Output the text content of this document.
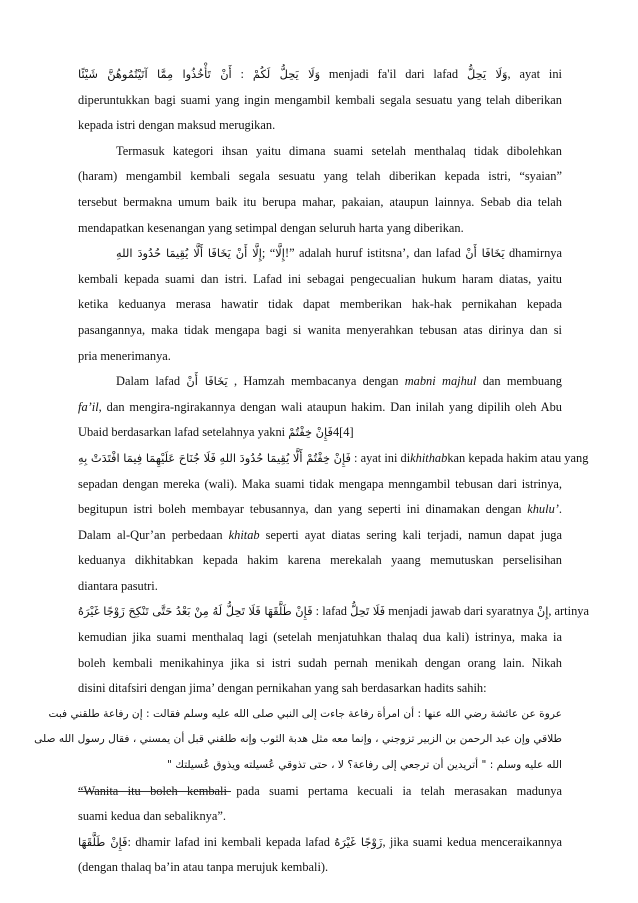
أَنْ تَأْخُذُوا مِمَّا آتَيْتُمُوهُنَّ شَيْئًا : وَلَا يَحِلُّ لَكُمْ menjadi fa'il dari lafad وَلَا يَحِلُّ, ayat ini
diperuntukkan bagi suami yang ingin mengambil kembali segala sesuatu yang telah diberikan
kepada istri dengan maksud merugikan.
Termasuk kategori ihsan yaitu dimana suami setelah menthalaq tidak dibolehkan
(haram) mengambil kembali segala sesuatu yang telah diberikan kepada istri, “syaian”
tersebut bermakna umum baik itu berupa mahar, pakaian, ataupun lainnya. Sebab dia telah
mendapatkan kesenangan yang setimpal dengan seluruh harta yang diberikan.
إِلَّا أَنْ يَخَافَا أَلَّا يُقِيمَا حُدُودَ اللهِ; “إِلَّا!” adalah huruf istitsna’, dan lafad يَخَافَا أَنْ dhamirnya
kembali kepada suami dan istri. Lafad ini sebagai pengecualian hukum haram diatas, yaitu
ketika keduanya merasa hawatir tidak dapat memberikan hak-hak pernikahan kepada
pasangannya, maka tidak mengapa bagi si wanita menyerahkan tebusan atas dirinya dan si
pria menerimanya.
Dalam lafad يَخَافَا أَنْ , Hamzah membacanya dengan mabni majhul dan membuang
fa’il, dan mengira-ngirakannya dengan wali ataupun hakim. Dan inilah yang dipilih oleh Abu
Ubaid berdasarkan lafad setelahnya yakni فَإِنْ خِفْتُمْ4[4]
فَإِنْ خِفْتُمْ أَلَّا يُقِيمَا حُدُودَ اللهِ فَلَا جُنَاحَ عَلَيْهِمَا فِيمَا افْتَدَتْ بِهِ : ayat ini dikhithabkan kepada hakim atau yang
sepadan dengan mereka (wali). Maka suami tidak mengapa menngambil tebusan dari istrinya,
begitupun istri boleh membayar tebusannya, dan yang seperti ini dinamakan dengan khulu’.
Dalam al-Qur’an perbedaan khitab seperti ayat diatas sering kali terjadi, namun dapat juga
keduanya dikhitabkan kepada hakim karena merekalah yaang memutuskan perselisihan
diantara pasutri.
فَإِنْ طَلَّقَهَا فَلَا تَحِلُّ لَهُ مِنْ بَعْدُ حَتَّى تَنْكِحَ زَوْجًا غَيْرَهُ : lafad فَلَا تَحِلُّ menjadi jawab dari syaratnya إِنْ, artinya
kemudian jika suami menthalaq lagi (setelah menjatuhkan thalaq dua kali) istrinya, maka ia
boleh kembali menikahinya jika si istri sudah pernah menikah dengan orang lain. Nikah
disini ditafsiri dengan jima’ dengan pernikahan yang sah berdasarkan hadits sahih:
عروة عن عائشة رضي الله عنها : أن امرأة رفاعة جاءت إلى النبي صلى الله عليه وسلم فقالت : إن رفاعة طلقني فبت
طلاقي وإن عبد الرحمن بن الزبير تزوجني ، وإنما معه مثل هدبة الثوب وإنه طلقني قبل أن يمسني ، فقال رسول الله صلى
الله عليه وسلم : " أتريدين أن ترجعي إلى رفاعة؟ لا ، حتى تذوقي عُسيلته ويذوق عُسيلتك "
“Wanita itu boleh kembali pada suami pertama kecuali ia telah merasakan madunya
suami kedua dan sebaliknya”.
فَإِنْ طَلَّقَهَا: dhamir lafad ini kembali kepada lafad زَوْجًا غَيْرَهُ, jika suami kedua menceraikannya
(dengan thalaq ba’in atau tanpa merujuk kembali).
